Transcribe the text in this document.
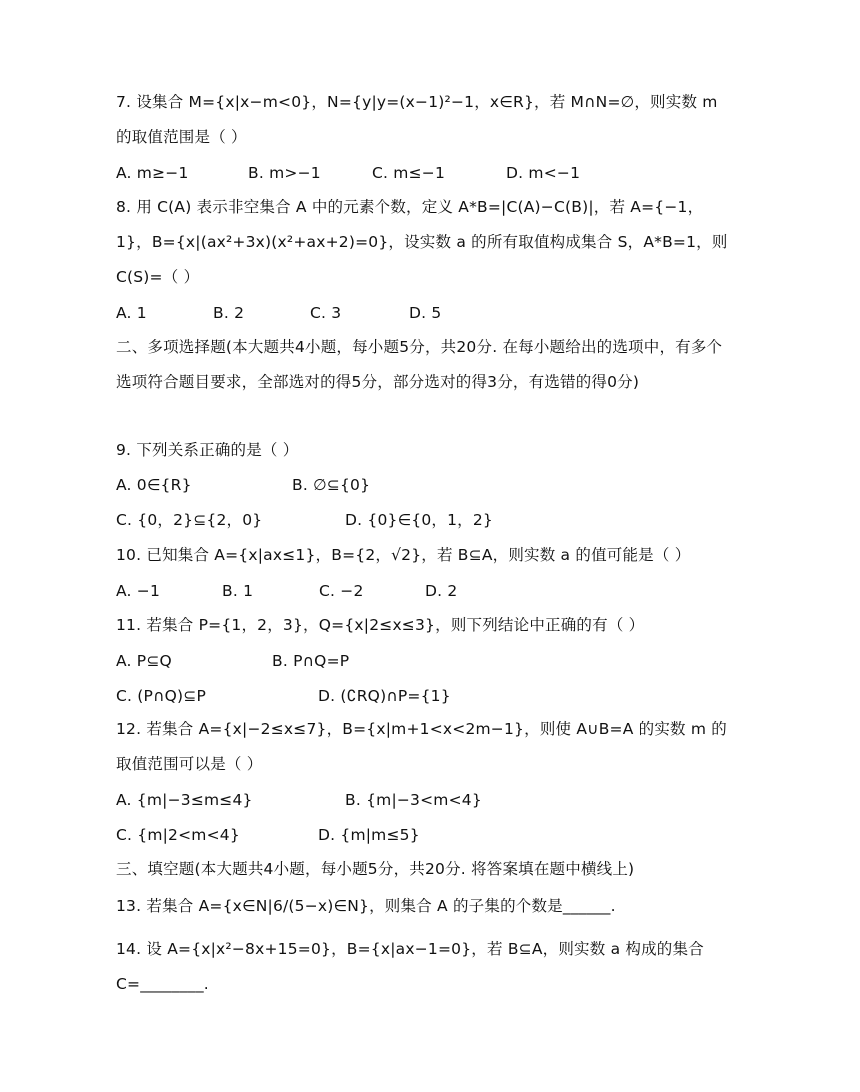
7. 设集合 M={x|x−m<0}，N={y|y=(x−1)²−1，x∈R}，若 M∩N=∅，则实数 m 的取值范围是（ ）
A. m≥−1	B. m>−1	C. m≤−1	D. m<−1
8. 用 C(A) 表示非空集合 A 中的元素个数，定义 A*B=|C(A)−C(B)|，若 A={−1，1}，B={x|(ax²+3x)(x²+ax+2)=0}，设实数 a 的所有取值构成集合 S，A*B=1，则 C(S)=（ ）
A. 1	B. 2	C. 3	D. 5
二、多项选择题(本大题共4小题，每小题5分，共20分. 在每小题给出的选项中，有多个选项符合题目要求，全部选对的得5分，部分选对的得3分，有选错的得0分)
9. 下列关系正确的是（ ）
A. 0∈{R}	B. ∅⊆{0}
C. {0，2}⊆{2，0}	D. {0}∈{0，1，2}
10. 已知集合 A={x|ax≤1}，B={2，√2}，若 B⊆A，则实数 a 的值可能是（ ）
A. −1	B. 1	C. −2	D. 2
11. 若集合 P={1，2，3}，Q={x|2≤x≤3}，则下列结论中正确的有（ ）
A. P⊆Q	B. P∩Q=P
C. (P∩Q)⊆P	D. (∁RQ)∩P={1}
12. 若集合 A={x|−2≤x≤7}，B={x|m+1<x<2m−1}，则使 A∪B=A 的实数 m 的取值范围可以是（ ）
A. {m|−3≤m≤4}	B. {m|−3<m<4}
C. {m|2<m<4}	D. {m|m≤5}
三、填空题(本大题共4小题，每小题5分，共20分. 将答案填在题中横线上)
13. 若集合 A={x∈N|6/(5−x)∈N}，则集合 A 的子集的个数是______.
14. 设 A={x|x²−8x+15=0}，B={x|ax−1=0}，若 B⊆A，则实数 a 构成的集合 C=________.
